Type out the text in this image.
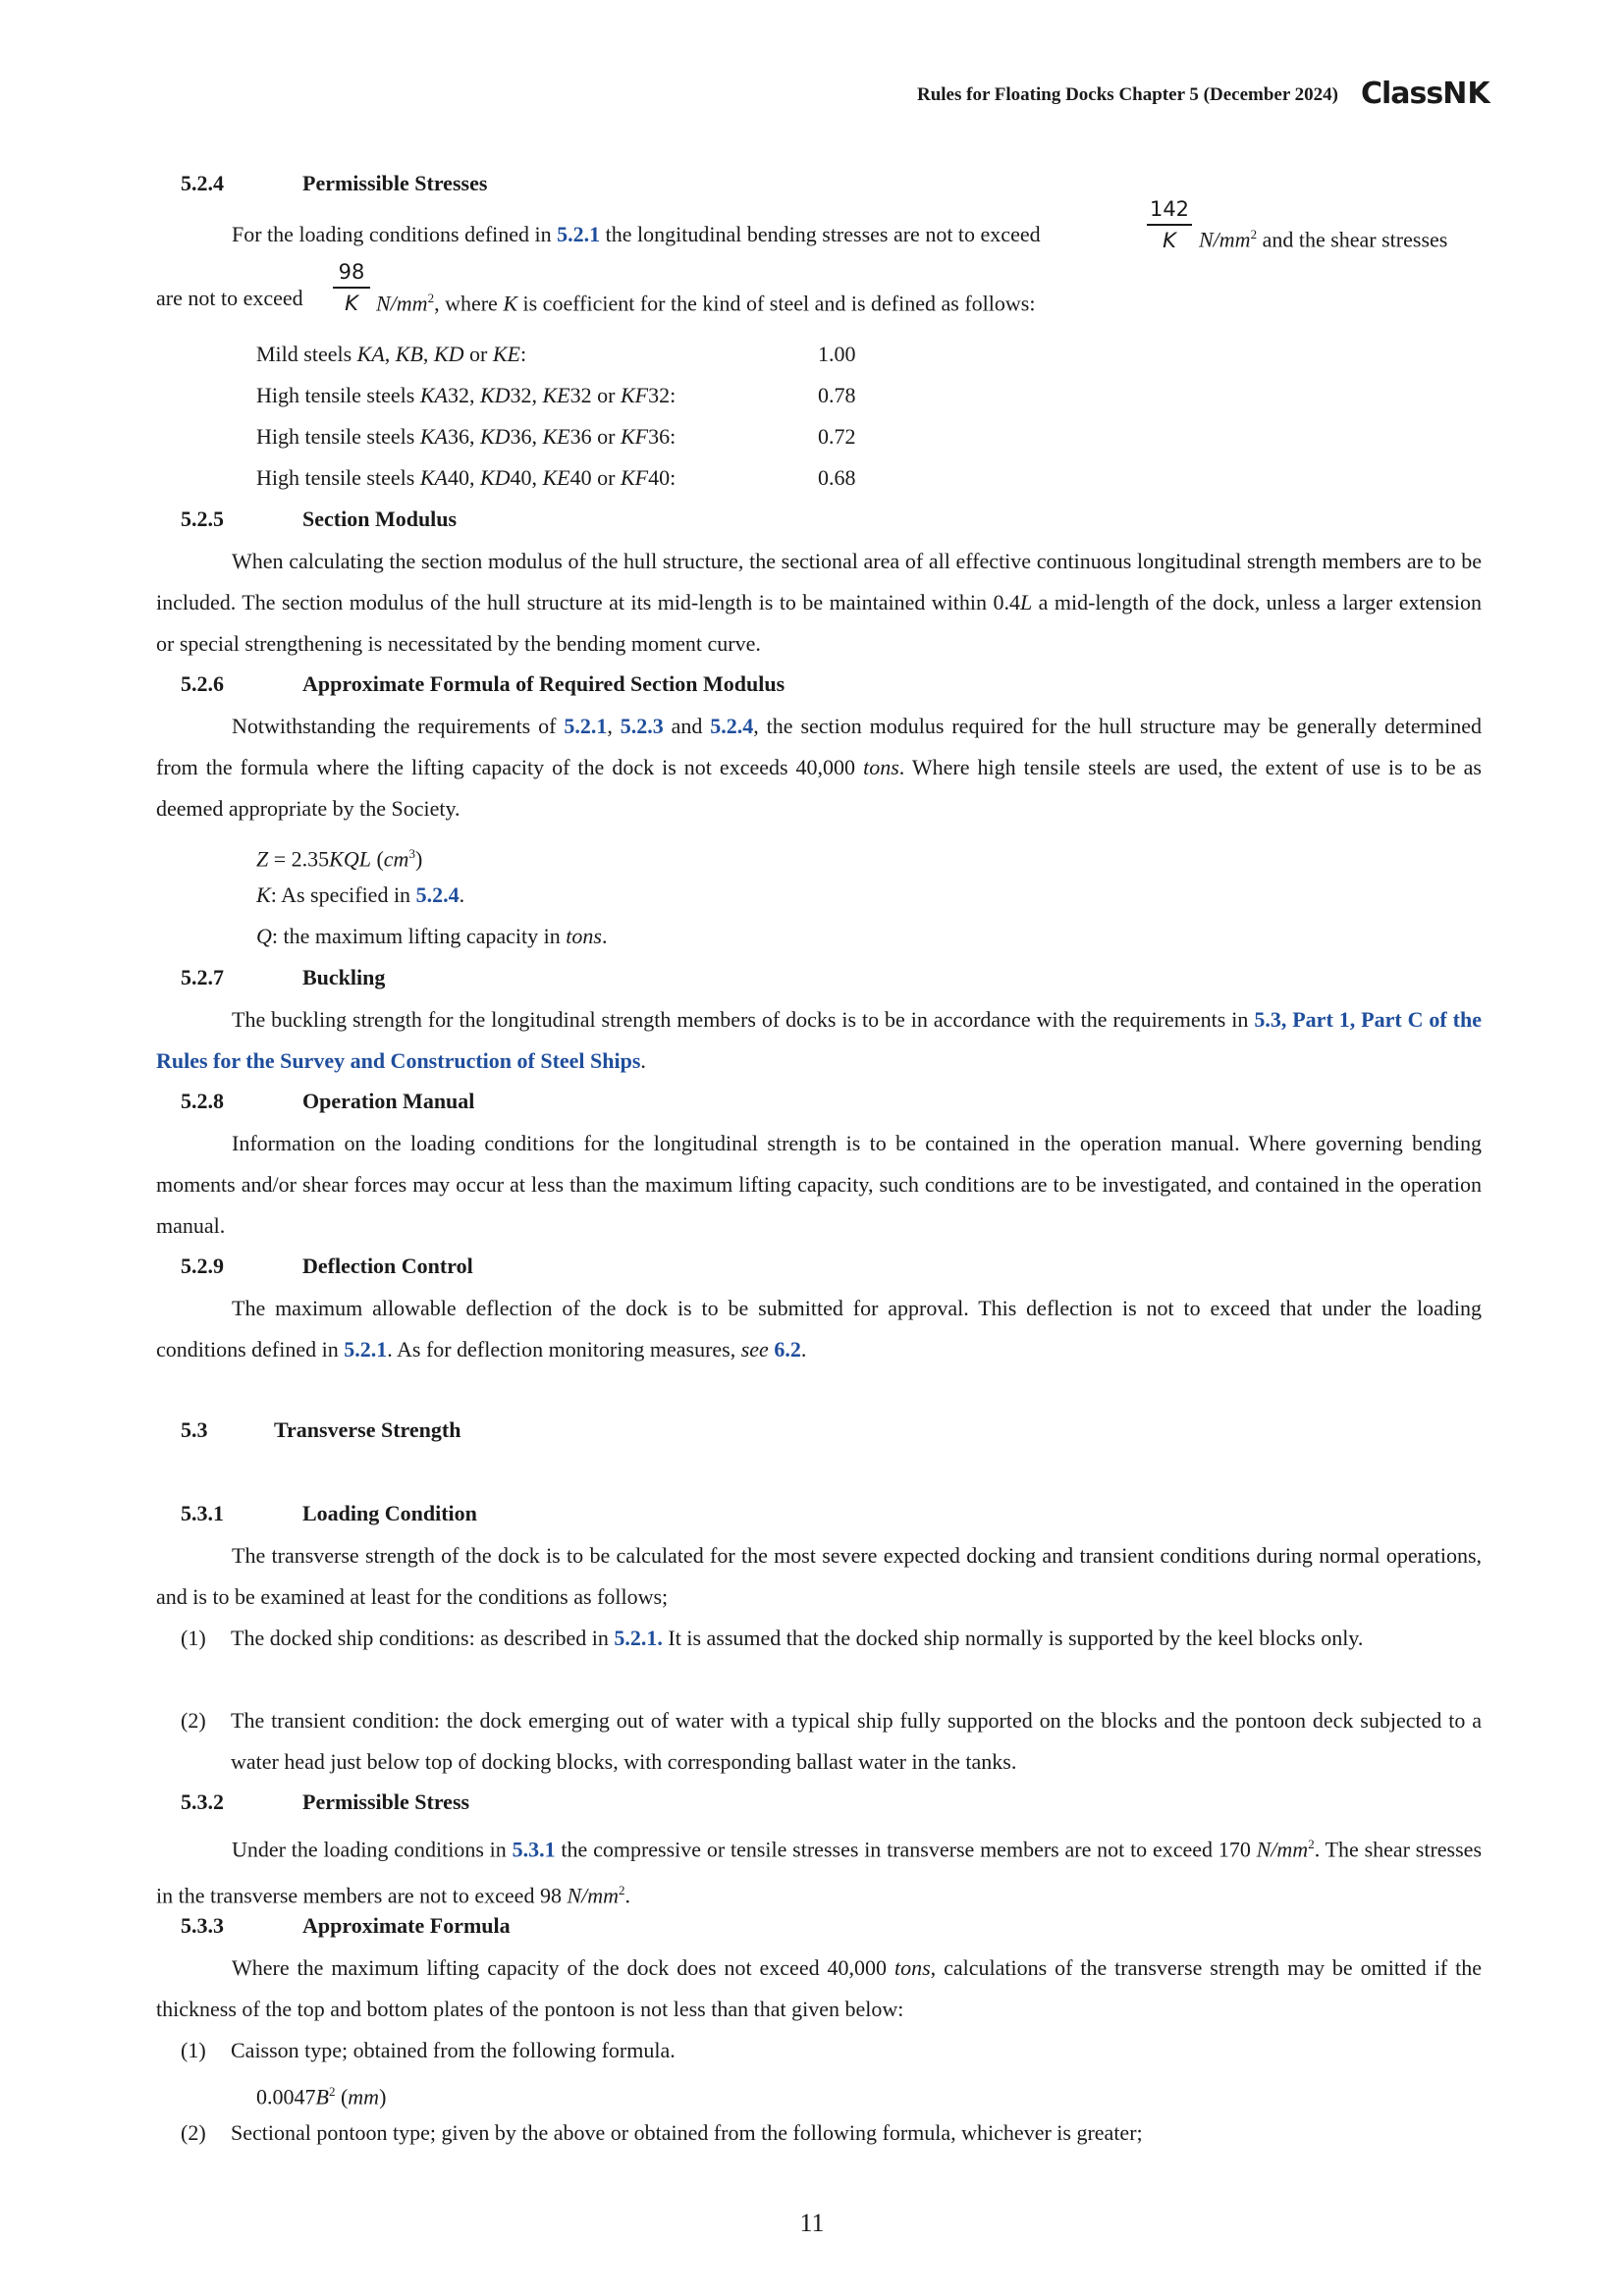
Rules for Floating Docks Chapter 5 (December 2024) ClassNK
5.2.4	Permissible Stresses
For the loading conditions defined in 5.2.1 the longitudinal bending stresses are not to exceed
142
K	$N/mm^2$ and the shear stresses
are not to exceed
98
K $N/mm^2$, where K is coefficient for the kind of steel and is defined as follows:
Mild steels KA, KB, KD or KE:	1.00
High tensile steels KA32, KD32, KE32 or KF32:	0.78
High tensile steels KA36, KD36, KE36 or KF36:	0.72
High tensile steels KA40, KD40, KE40 or KF40:	0.68
5.2.5	Section Modulus

When calculating the section modulus of the hull structure, the sectional area of all effective continuous longitudinal strength members are to be included. The section modulus of the hull structure at its mid-length is to be maintained within 0.4L a mid-length of the dock, unless a larger extension or special strengthening is necessitated by the bending moment curve.

5.2.6	Approximate Formula of Required Section Modulus

Notwithstanding the requirements of 5.2.1, 5.2.3 and 5.2.4, the section modulus required for the hull structure may be generally determined from the formula where the lifting capacity of the dock is not exceeds 40,000 tons. Where high tensile steels are used, the extent of use is to be as deemed appropriate by the Society.

Z = 2.35KQL $(cm^3)$
K: As specified in 5.2.4.
Q: the maximum lifting capacity in tons.
5.2.7	Buckling

The buckling strength for the longitudinal strength members of docks is to be in accordance with the requirements in 5.3, Part 1, Part C of the Rules for the Survey and Construction of Steel Ships.

5.2.8	Operation Manual

Information on the loading conditions for the longitudinal strength is to be contained in the operation manual. Where governing bending moments and/or shear forces may occur at less than the maximum lifting capacity, such conditions are to be investigated, and contained in the operation manual.

5.2.9	Deflection Control

The maximum allowable deflection of the dock is to be submitted for approval. This deflection is not to exceed that under the loading conditions defined in 5.2.1. As for deflection monitoring measures, see 6.2.

5.3	Transverse Strength
5.3.1	Loading Condition

The transverse strength of the dock is to be calculated for the most severe expected docking and transient conditions during normal operations, and is to be examined at least for the conditions as follows;

(1) The docked ship conditions: as described in 5.2.1. It is assumed that the docked ship normally is supported by the keel blocks only.

(2) The transient condition: the dock emerging out of water with a typical ship fully supported on the blocks and the pontoon deck subjected to a water head just below top of docking blocks, with corresponding ballast water in the tanks.

5.3.2	Permissible Stress

Under the loading conditions in 5.3.1 the compressive or tensile stresses in transverse members are not to exceed 170 $N/mm^2$. The shear stresses in the transverse members are not to exceed 98 $N/mm^2$.

5.3.3	Approximate Formula

Where the maximum lifting capacity of the dock does not exceed 40,000 tons, calculations of the transverse strength may be omitted if the thickness of the top and bottom plates of the pontoon is not less than that given below:

(1) Caisson type; obtained from the following formula.

$0.0047B^2$ (mm)
(2) Sectional pontoon type; given by the above or obtained from the following formula, whichever is greater;

11
